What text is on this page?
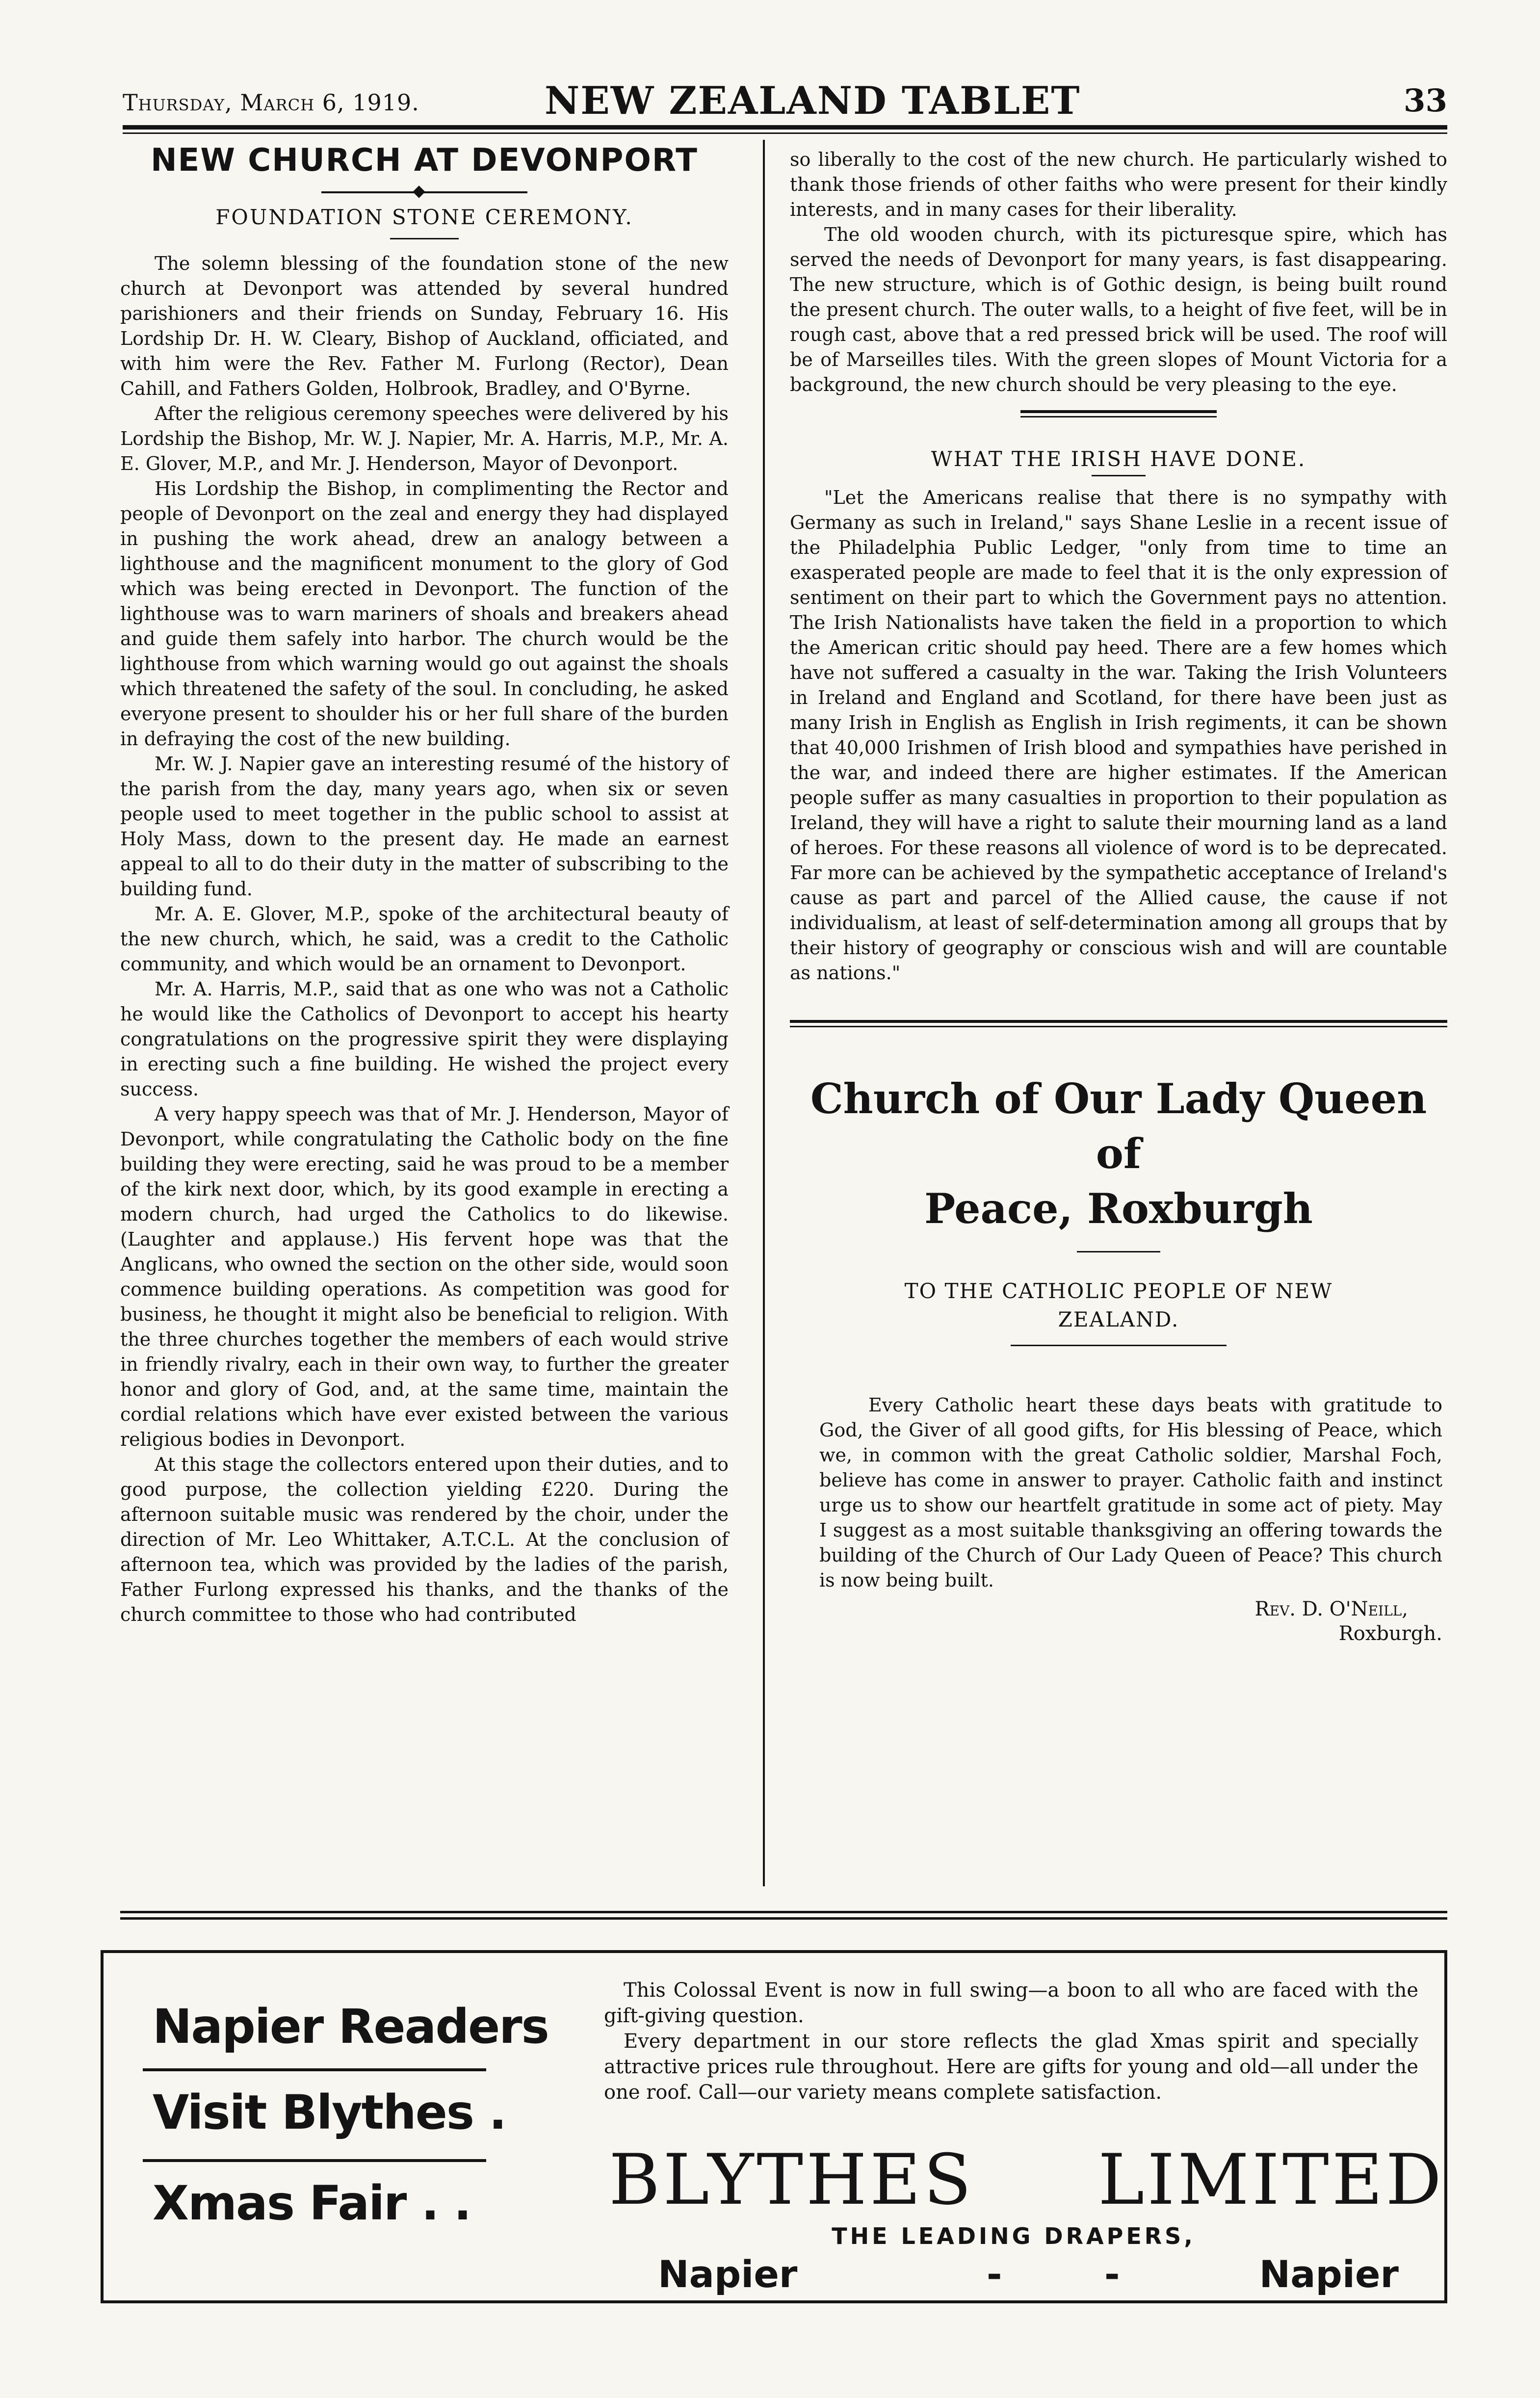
Thursday, March 6, 1919.	NEW ZEALAND TABLET	33
NEW CHURCH AT DEVONPORT

FOUNDATION STONE CEREMONY.

The solemn blessing of the foundation stone of the new church at Devonport was attended by several hundred parishioners and their friends on Sunday, February 16. His Lordship Dr. H. W. Cleary, Bishop of Auckland, officiated, and with him were the Rev. Father M. Furlong (Rector), Dean Cahill, and Fathers Golden, Holbrook, Bradley, and O'Byrne.

After the religious ceremony speeches were delivered by his Lordship the Bishop, Mr. W. J. Napier, Mr. A. Harris, M.P., Mr. A. E. Glover, M.P., and Mr. J. Henderson, Mayor of Devonport.

His Lordship the Bishop, in complimenting the Rector and people of Devonport on the zeal and energy they had displayed in pushing the work ahead, drew an analogy between a lighthouse and the magnificent monument to the glory of God which was being erected in Devonport. The function of the lighthouse was to warn mariners of shoals and breakers ahead and guide them safely into harbor. The church would be the lighthouse from which warning would go out against the shoals which threatened the safety of the soul. In concluding, he asked everyone present to shoulder his or her full share of the burden in defraying the cost of the new building.

Mr. W. J. Napier gave an interesting resumé of the history of the parish from the day, many years ago, when six or seven people used to meet together in the public school to assist at Holy Mass, down to the present day. He made an earnest appeal to all to do their duty in the matter of subscribing to the building fund.

Mr. A. E. Glover, M.P., spoke of the architectural beauty of the new church, which, he said, was a credit to the Catholic community, and which would be an ornament to Devonport.

Mr. A. Harris, M.P., said that as one who was not a Catholic he would like the Catholics of Devonport to accept his hearty congratulations on the progressive spirit they were displaying in erecting such a fine building. He wished the project every success.

A very happy speech was that of Mr. J. Henderson, Mayor of Devonport, while congratulating the Catholic body on the fine building they were erecting, said he was proud to be a member of the kirk next door, which, by its good example in erecting a modern church, had urged the Catholics to do likewise. (Laughter and applause.) His fervent hope was that the Anglicans, who owned the section on the other side, would soon commence building operations. As competition was good for business, he thought it might also be beneficial to religion. With the three churches together the members of each would strive in friendly rivalry, each in their own way, to further the greater honor and glory of God, and, at the same time, maintain the cordial relations which have ever existed between the various religious bodies in Devonport.

At this stage the collectors entered upon their duties, and to good purpose, the collection yielding £220. During the afternoon suitable music was rendered by the choir, under the direction of Mr. Leo Whittaker, A.T.C.L. At the conclusion of afternoon tea, which was provided by the ladies of the parish, Father Furlong expressed his thanks, and the thanks of the church committee to those who had contributed

so liberally to the cost of the new church. He particularly wished to thank those friends of other faiths who were present for their kindly interests, and in many cases for their liberality.

The old wooden church, with its picturesque spire, which has served the needs of Devonport for many years, is fast disappearing. The new structure, which is of Gothic design, is being built round the present church. The outer walls, to a height of five feet, will be in rough cast, above that a red pressed brick will be used. The roof will be of Marseilles tiles. With the green slopes of Mount Victoria for a background, the new church should be very pleasing to the eye.

WHAT THE IRISH HAVE DONE.

"Let the Americans realise that there is no sympathy with Germany as such in Ireland," says Shane Leslie in a recent issue of the Philadelphia Public Ledger, "only from time to time an exasperated people are made to feel that it is the only expression of sentiment on their part to which the Government pays no attention. The Irish Nationalists have taken the field in a proportion to which the American critic should pay heed. There are a few homes which have not suffered a casualty in the war. Taking the Irish Volunteers in Ireland and England and Scotland, for there have been just as many Irish in English as English in Irish regiments, it can be shown that 40,000 Irishmen of Irish blood and sympathies have perished in the war, and indeed there are higher estimates. If the American people suffer as many casualties in proportion to their population as Ireland, they will have a right to salute their mourning land as a land of heroes. For these reasons all violence of word is to be deprecated. Far more can be achieved by the sympathetic acceptance of Ireland's cause as part and parcel of the Allied cause, the cause if not individualism, at least of self-determination among all groups that by their history of geography or conscious wish and will are countable as nations."

Church of Our Lady Queen of
Peace, Roxburgh

TO THE CATHOLIC PEOPLE OF NEW
ZEALAND.

Every Catholic heart these days beats with gratitude to God, the Giver of all good gifts, for His blessing of Peace, which we, in common with the great Catholic soldier, Marshal Foch, believe has come in answer to prayer. Catholic faith and instinct urge us to show our heartfelt gratitude in some act of piety. May I suggest as a most suitable thanksgiving an offering towards the building of the Church of Our Lady Queen of Peace? This church is now being built.

Rev. D. O'Neill,

Roxburgh.

Napier Readers
Visit Blythes .
Xmas Fair . .

This Colossal Event is now in full swing—a boon to all who are faced with the gift-giving question.

Every department in our store reflects the glad Xmas spirit and specially attractive prices rule throughout. Here are gifts for young and old—all under the one roof. Call—our variety means complete satisfaction.

BLYTHES LIMITED
THE LEADING DRAPERS,
Napier	-	-	Napier
